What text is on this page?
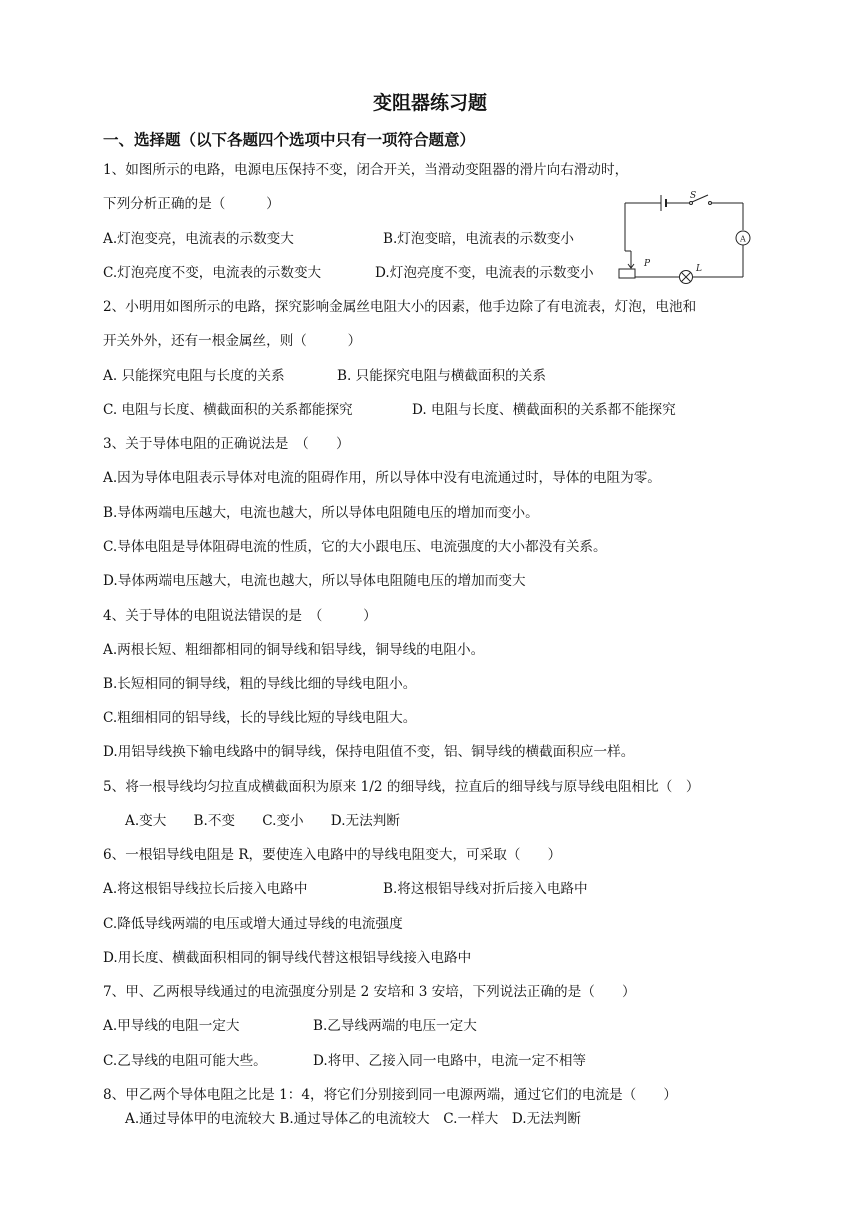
变阻器练习题
一、选择题（以下各题四个选项中只有一项符合题意）
1、如图所示的电路，电源电压保持不变，闭合开关，当滑动变阻器的滑片向右滑动时，
下列分析正确的是（　　　）
A.灯泡变亮，电流表的示数变大	B.灯泡变暗，电流表的示数变小
C.灯泡亮度不变，电流表的示数变大	D.灯泡亮度不变，电流表的示数变小
S
A
P	L
2、小明用如图所示的电路，探究影响金属丝电阻大小的因素，他手边除了有电流表，灯泡，电池和
开关外外，还有一根金属丝，则（　　　）
A. 只能探究电阻与长度的关系	B. 只能探究电阻与横截面积的关系
C. 电阻与长度、横截面积的关系都能探究	D. 电阻与长度、横截面积的关系都不能探究
3、关于导体电阻的正确说法是　（　　）
A.因为导体电阻表示导体对电流的阻碍作用，所以导体中没有电流通过时，导体的电阻为零。
B.导体两端电压越大，电流也越大，所以导体电阻随电压的增加而变小。
C.导体电阻是导体阻碍电流的性质，它的大小跟电压、电流强度的大小都没有关系。
D.导体两端电压越大，电流也越大，所以导体电阻随电压的增加而变大
4、关于导体的电阻说法错误的是　（　　　）
A.两根长短、粗细都相同的铜导线和铝导线，铜导线的电阻小。
B.长短相同的铜导线，粗的导线比细的导线电阻小。
C.粗细相同的铝导线，长的导线比短的导线电阻大。
D.用铝导线换下输电线路中的铜导线，保持电阻值不变，铝、铜导线的横截面积应一样。
5、将一根导线均匀拉直成横截面积为原来 1/2 的细导线，拉直后的细导线与原导线电阻相比（　）
A.变大　　B.不变　　C.变小　　D.无法判断
6、一根铝导线电阻是 R，要使连入电路中的导线电阻变大，可采取（　　）
A.将这根铝导线拉长后接入电路中	B.将这根铝导线对折后接入电路中
C.降低导线两端的电压或增大通过导线的电流强度
D.用长度、横截面积相同的铜导线代替这根铝导线接入电路中
7、甲、乙两根导线通过的电流强度分别是 2 安培和 3 安培，下列说法正确的是（　　）
A.甲导线的电阻一定大	B.乙导线两端的电压一定大
C.乙导线的电阻可能大些。	D.将甲、乙接入同一电路中，电流一定不相等
8、甲乙两个导体电阻之比是 1：4，将它们分别接到同一电源两端，通过它们的电流是（　　）
A.通过导体甲的电流较大 B.通过导体乙的电流较大　C.一样大　D.无法判断
